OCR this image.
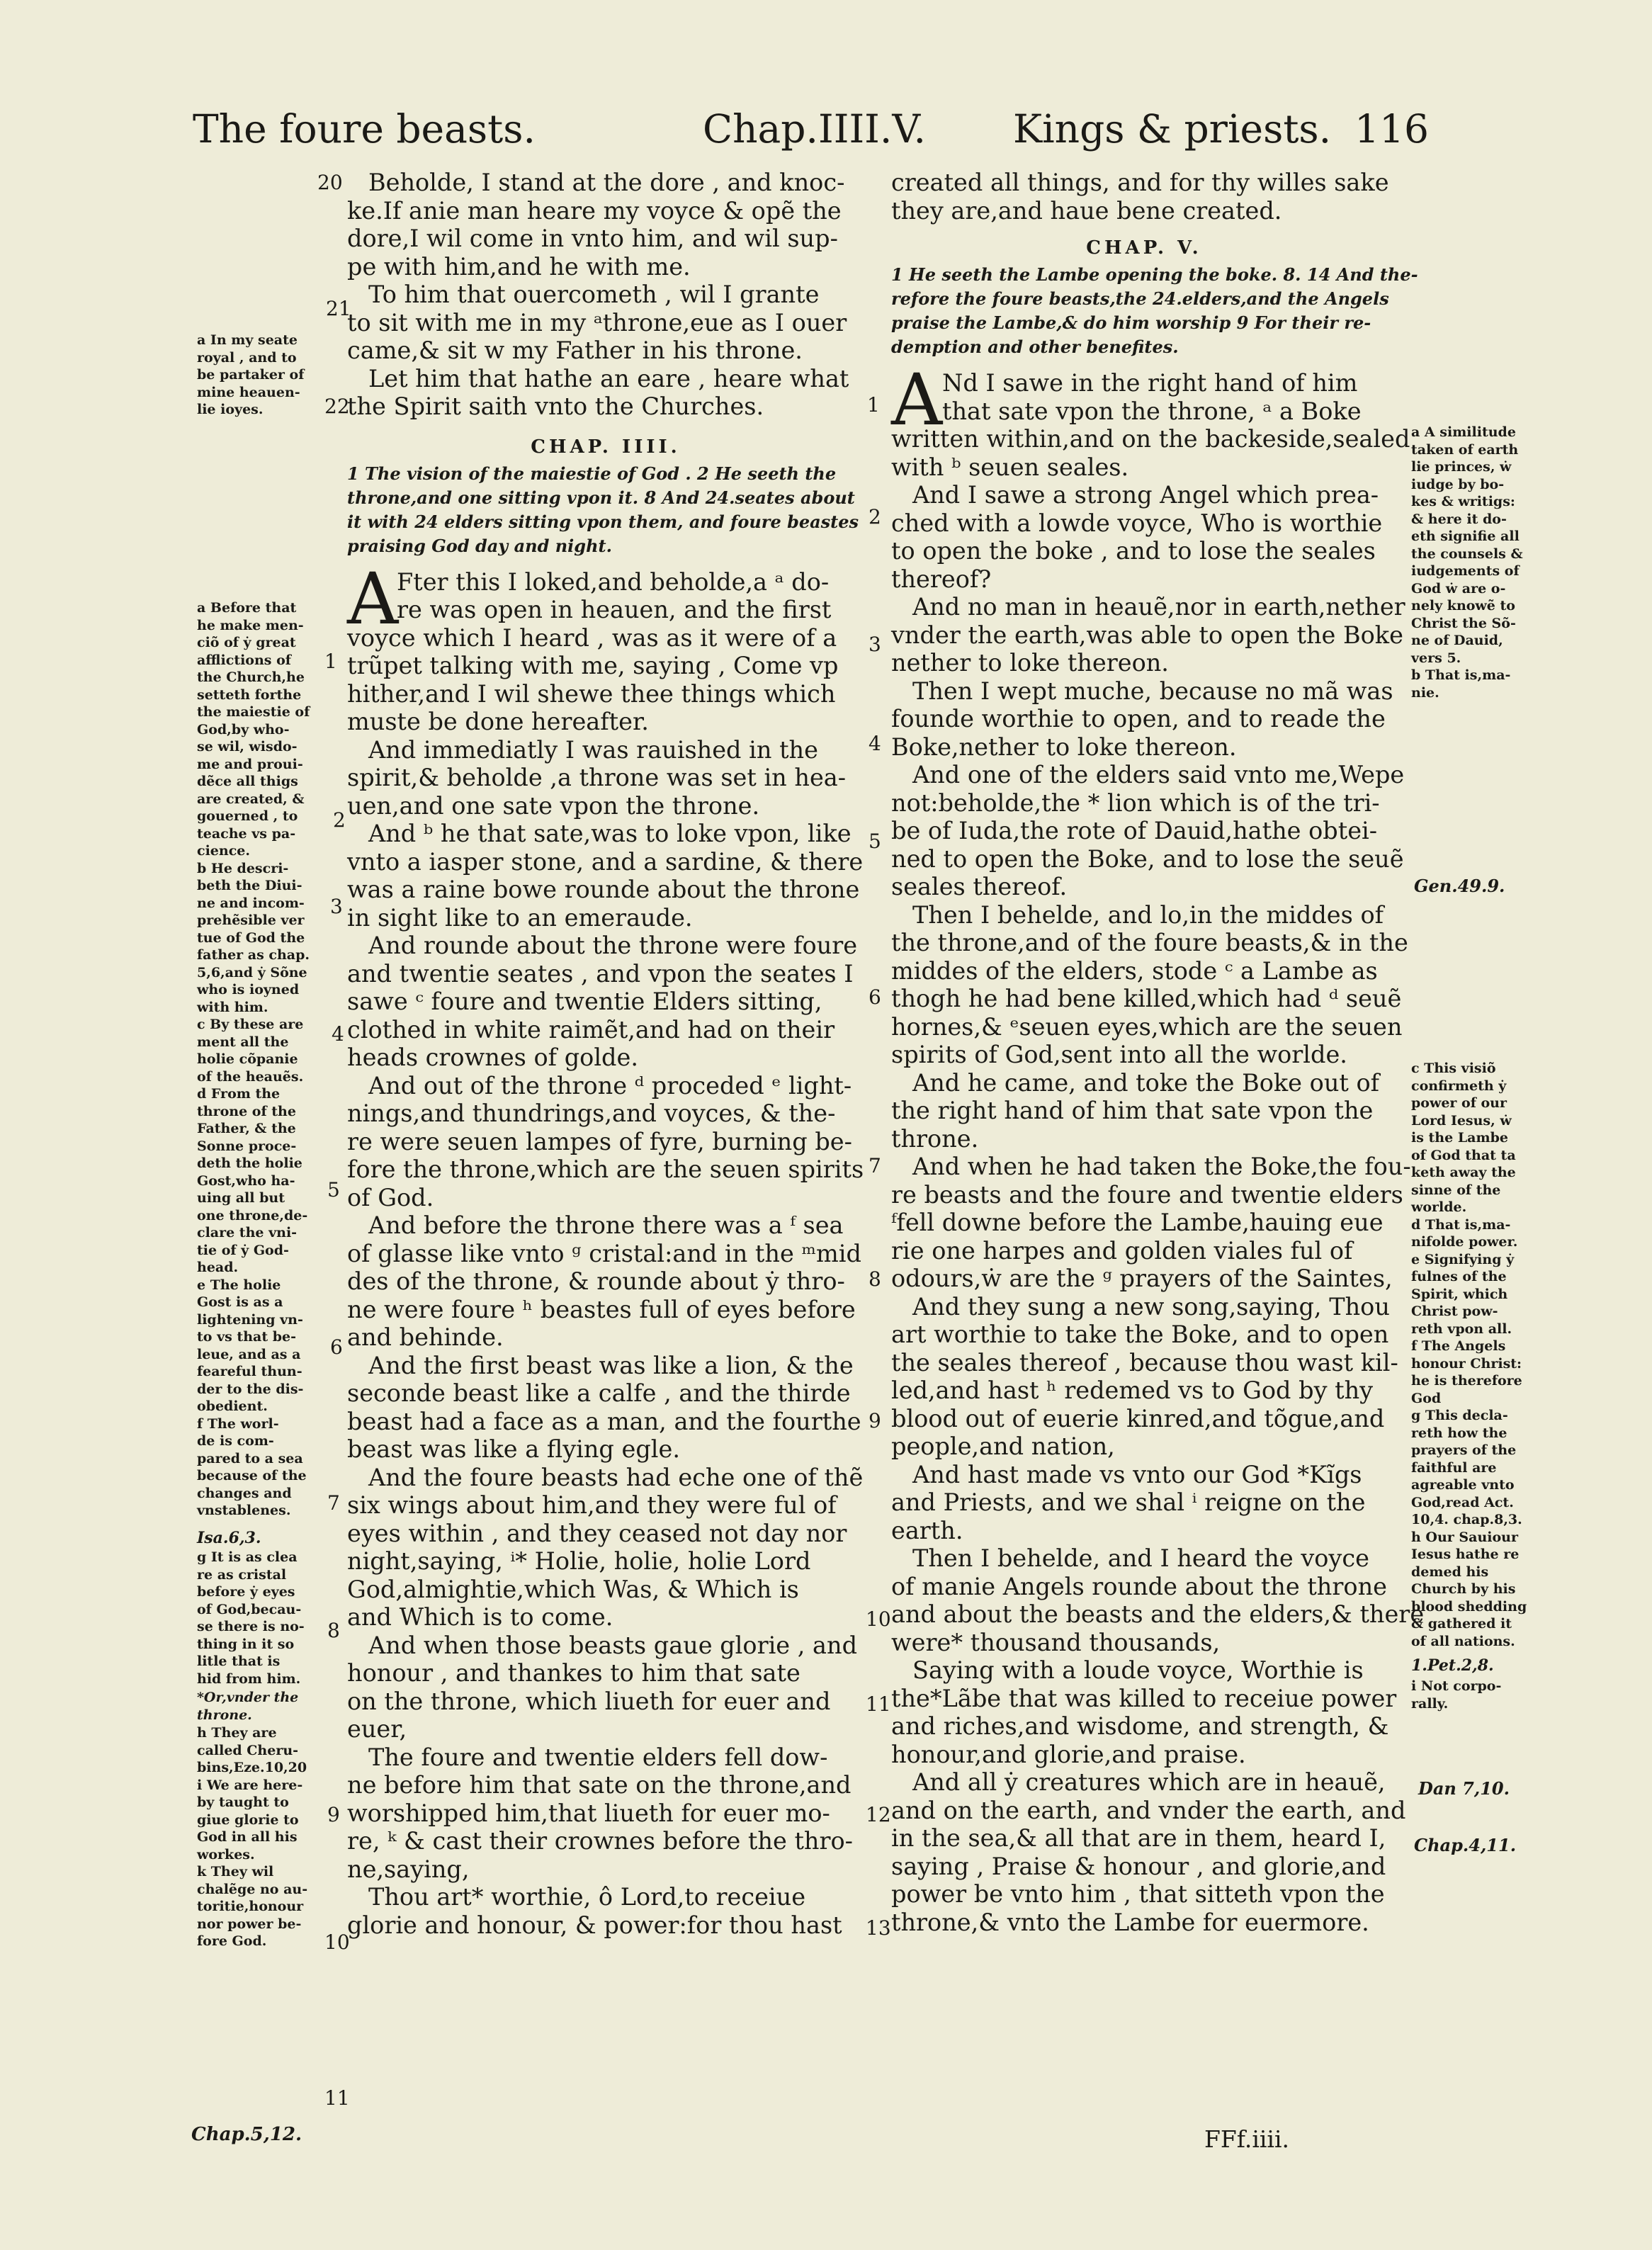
The foure beasts.	Chap.IIII.V. Kings & priests. 116
20
21
22
1
2
3
4
5
6
7
8
9
10
11
Beholde, I stand at the dore , and knoc-
ke.If anie man heare my voyce & opẽ the
dore,I wil come in vnto him, and wil sup-
pe with him,and he with me.
To him that ouercometh , wil I grante
to sit with me in my ᵃthrone,eue as I ouer
came,& sit w my Father in his throne.
Let him that hathe an eare , heare what
the Spirit saith vnto the Churches.
CHAP. IIII.
1 The vision of the maiestie of God . 2 He seeth the
throne,and one sitting vpon it. 8 And 24.seates about
it with 24 elders sitting vpon them, and foure beastes
praising God day and night.
A
Fter this I loked,and beholde,a ᵃ do-
re was open in heauen, and the first
voyce which I heard , was as it were of a
trũpet talking with me, saying , Come vp
hither,and I wil shewe thee things which
muste be done hereafter.
And immediatly I was rauished in the
spirit,& beholde ,a throne was set in hea-
uen,and one sate vpon the throne.
And ᵇ he that sate,was to loke vpon, like
vnto a iasper stone, and a sardine, & there
was a raine bowe rounde about the throne
in sight like to an emeraude.
And rounde about the throne were foure
and twentie seates , and vpon the seates I
sawe ᶜ foure and twentie Elders sitting,
clothed in white raimẽt,and had on their
heads crownes of golde.
And out of the throne ᵈ proceded ᵉ light-
nings,and thundrings,and voyces, & the-
re were seuen lampes of fyre, burning be-
fore the throne,which are the seuen spirits
of God.
And before the throne there was a ᶠ sea
of glasse like vnto ᵍ cristal:and in the ᵐmid
des of the throne, & rounde about ẏ thro-
ne were foure ʰ beastes full of eyes before
and behinde.
And the first beast was like a lion, & the
seconde beast like a calfe , and the thirde
beast had a face as a man, and the fourthe
beast was like a flying egle.
And the foure beasts had eche one of thẽ
six wings about him,and they were ful of
eyes within , and they ceased not day nor
night,saying, ⁱ* Holie, holie, holie Lord
God,almightie,which Was, & Which is
and Which is to come.
And when those beasts gaue glorie , and
honour , and thankes to him that sate
on the throne, which liueth for euer and
euer,
The foure and twentie elders fell dow-
ne before him that sate on the throne,and
worshipped him,that liueth for euer mo-
re, ᵏ & cast their crownes before the thro-
ne,saying,
Thou art* worthie, ô Lord,to receiue
glorie and honour, & power:for thou hast
a In my seate
royal , and to
be partaker of
mine heauen-
lie ioyes.
a Before that
he make men-
ciõ of ẏ great
afflictions of
the Church,he
setteth forthe
the maiestie of
God,by who-
se wil, wisdo-
me and proui-
dẽce all thigs
are created, &
gouerned , to
teache vs pa-
cience.
b He descri-
beth the Diui-
ne and incom-
prehẽsible ver
tue of God the
father as chap.
5,6,and ẏ Sõne
who is ioyned
with him.
c By these are
ment all the
holie cõpanie
of the heauẽs.
d From the
throne of the
Father, & the
Sonne proce-
deth the holie
Gost,who ha-
uing all but
one throne,de-
clare the vni-
tie of ẏ God-
head.
e The holie
Gost is as a
lightening vn-
to vs that be-
leue, and as a
feareful thun-
der to the dis-
obedient.
f The worl-
de is com-
pared to a sea
because of the
changes and
vnstablenes.
Isa.6,3.
g It is as clea
re as cristal
before ẏ eyes
of God,becau-
se there is no-
thing in it so
litle that is
hid from him.
*Or,vnder the throne.
h They are
called Cheru-
bins,Eze.10,20
i We are here-
by taught to
giue glorie to
God in all his
workes.
k They wil
chalẽge no au-
toritie,honour
nor power be-
fore God.
Chap.5,12.
1
2
3
4
5
6
7
8
9
10
11
12
13
created all things, and for thy willes sake
they are,and haue bene created.
CHAP. V.
1 He seeth the Lambe opening the boke. 8. 14 And the-
refore the foure beasts,the 24.elders,and the Angels
praise the Lambe,& do him worship 9 For their re-
demption and other benefites.
A Nd I sawe in the right hand of him
that sate vpon the throne, ᵃ a Boke
written within,and on the backeside,sealed
with ᵇ seuen seales.
And I sawe a strong Angel which prea-
ched with a lowde voyce, Who is worthie
to open the boke , and to lose the seales
thereof?
And no man in heauẽ,nor in earth,nether
vnder the earth,was able to open the Boke
nether to loke thereon.
Then I wept muche, because no mã was
founde worthie to open, and to reade the
Boke,nether to loke thereon.
And one of the elders said vnto me,Wepe
not:beholde,the * lion which is of the tri-
be of Iuda,the rote of Dauid,hathe obtei-
ned to open the Boke, and to lose the seuẽ
seales thereof.
Then I behelde, and lo,in the middes of
the throne,and of the foure beasts,& in the
middes of the elders, stode ᶜ a Lambe as
thogh he had bene killed,which had ᵈ seuẽ
hornes,& ᵉseuen eyes,which are the seuen
spirits of God,sent into all the worlde.
And he came, and toke the Boke out of
the right hand of him that sate vpon the
throne.
And when he had taken the Boke,the fou-
re beasts and the foure and twentie elders
ᶠfell downe before the Lambe,hauing eue
rie one harpes and golden viales ful of
odours,ẇ are the ᵍ prayers of the Saintes,
And they sung a new song,saying, Thou
art worthie to take the Boke, and to open
the seales thereof , because thou wast kil-
led,and hast ʰ redemed vs to God by thy
blood out of euerie kinred,and tõgue,and
people,and nation,
And hast made vs vnto our God *Kĩgs
and Priests, and we shal ⁱ reigne on the
earth.
Then I behelde, and I heard the voyce
of manie Angels rounde about the throne
and about the beasts and the elders,& there
were* thousand thousands,
Saying with a loude voyce, Worthie is
the*Lãbe that was killed to receiue power
and riches,and wisdome, and strength, &
honour,and glorie,and praise.
And all ẏ creatures which are in heauẽ,
and on the earth, and vnder the earth, and
in the sea,& all that are in them, heard I,
saying , Praise & honour , and glorie,and
power be vnto him , that sitteth vpon the
throne,& vnto the Lambe for euermore.
FFf.iiii.
a A similitude
taken of earth
lie princes, ẇ
iudge by bo-
kes & writigs:
& here it do-
eth signifie all
the counsels &
iudgements of
God ẇ are o-
nely knowẽ to
Christ the Sõ-
ne of Dauid,
vers 5.
b That is,ma-
nie.
Gen.49.9.
c This visiõ
confirmeth ẏ
power of our
Lord Iesus, ẇ
is the Lambe
of God that ta
keth away the
sinne of the
worlde.
d That is,ma-
nifolde power.
e Signifying ẏ
fulnes of the
Spirit, which
Christ pow-
reth vpon all.
f The Angels
honour Christ:
he is therefore
God
g This decla-
reth how the
prayers of the
faithful are
agreable vnto
God,read Act.
10,4. chap.8,3.
h Our Sauiour
Iesus hathe re
demed his
Church by his
blood shedding
& gathered it
of all nations.
1.Pet.2,8.
i Not corpo-
rally.
Dan 7,10.
Chap.4,11.
